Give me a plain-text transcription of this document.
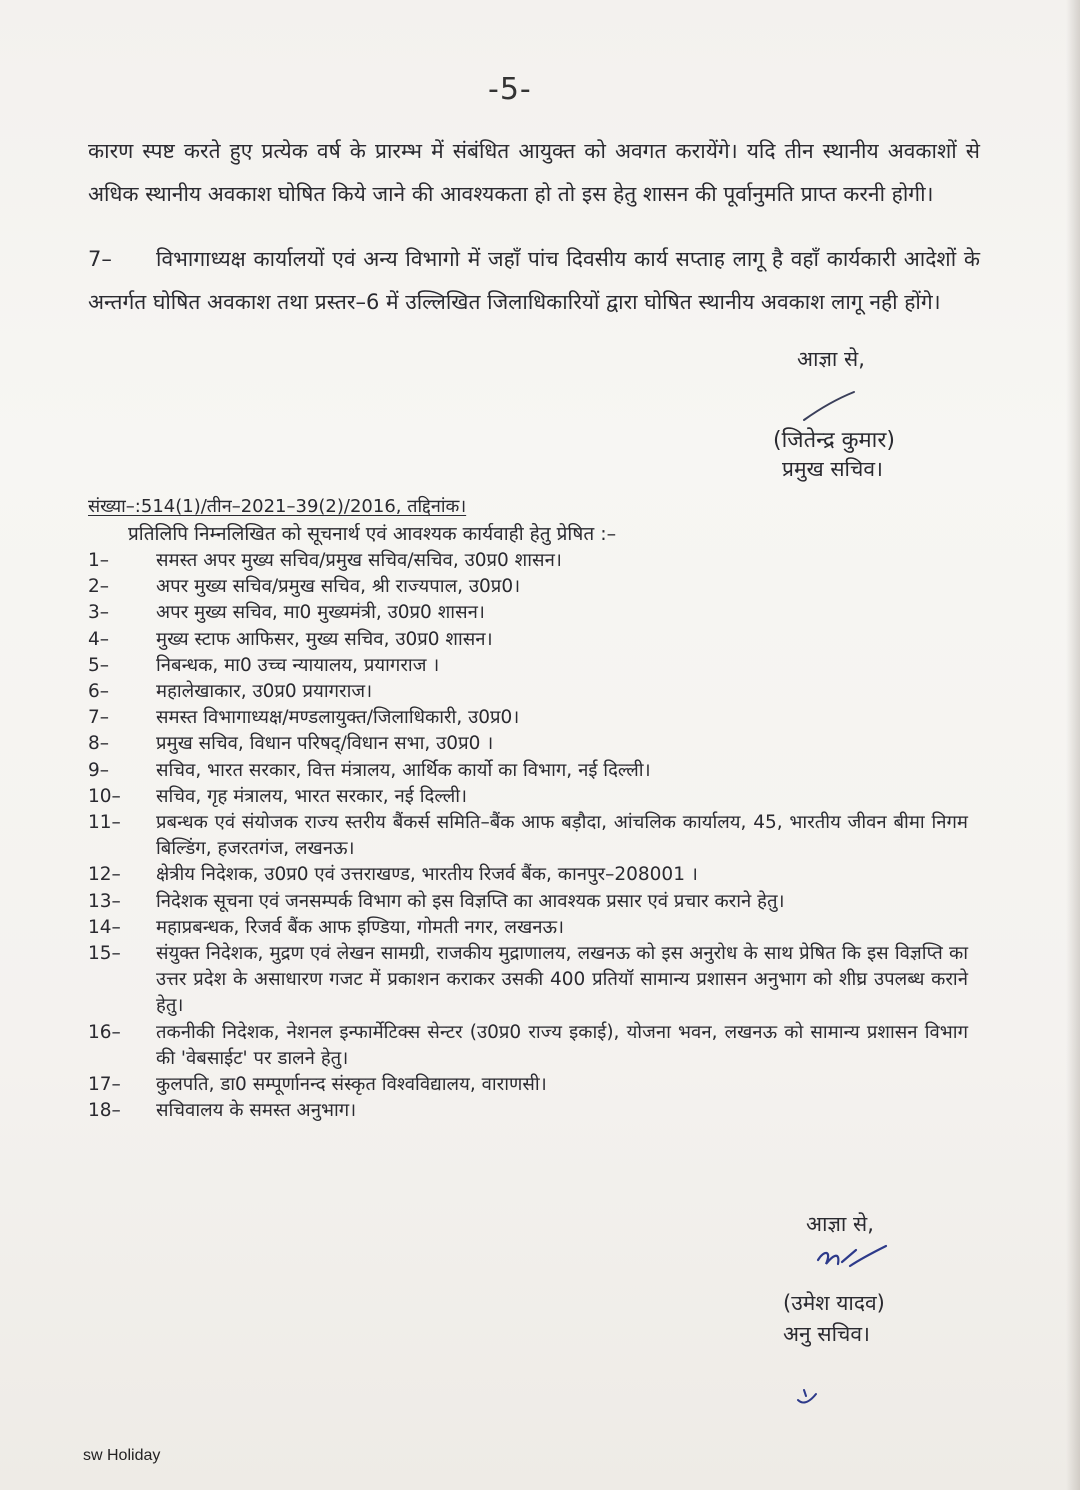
-5-
कारण स्पष्ट करते हुए प्रत्येक वर्ष के प्रारम्भ में संबंधित आयुक्त को अवगत करायेंगे। यदि तीन स्थानीय अवकाशों से अधिक स्थानीय अवकाश घोषित किये जाने की आवश्यकता हो तो इस हेतु शासन की पूर्वानुमति प्राप्त करनी होगी।
7– विभागाध्यक्ष कार्यालयों एवं अन्य विभागो में जहाँ पांच दिवसीय कार्य सप्ताह लागू है वहाँ कार्यकारी आदेशों के अन्तर्गत घोषित अवकाश तथा प्रस्तर–6 में उल्लिखित जिलाधिकारियों द्वारा घोषित स्थानीय अवकाश लागू नही होंगे।
आज्ञा से,
(जितेन्द्र कुमार)
प्रमुख सचिव।
संख्या–:514(1)/तीन–2021–39(2)/2016, तद्दिनांक।
प्रतिलिपि निम्नलिखित को सूचनार्थ एवं आवश्यक कार्यवाही हेतु प्रेषित :–
1–	समस्त अपर मुख्य सचिव/प्रमुख सचिव/सचिव, उ0प्र0 शासन।
2–	अपर मुख्य सचिव/प्रमुख सचिव, श्री राज्यपाल, उ0प्र0।
3–	अपर मुख्य सचिव, मा0 मुख्यमंत्री, उ0प्र0 शासन।
4–	मुख्य स्टाफ आफिसर, मुख्य सचिव, उ0प्र0 शासन।
5–	निबन्धक, मा0 उच्च न्यायालय, प्रयागराज ।
6–	महालेखाकार, उ0प्र0 प्रयागराज।
7–	समस्त विभागाध्यक्ष/मण्डलायुक्त/जिलाधिकारी, उ0प्र0।
8–	प्रमुख सचिव, विधान परिषद्/विधान सभा, उ0प्र0 ।
9–	सचिव, भारत सरकार, वित्त मंत्रालय, आर्थिक कार्यो का विभाग, नई दिल्ली।
10–	सचिव, गृह मंत्रालय, भारत सरकार, नई दिल्ली।
11–	प्रबन्धक एवं संयोजक राज्य स्तरीय बैंकर्स समिति–बैंक आफ बड़ौदा, आंचलिक कार्यालय, 45, भारतीय जीवन बीमा निगम बिल्डिंग, हजरतगंज, लखनऊ।
12–	क्षेत्रीय निदेशक, उ0प्र0 एवं उत्तराखण्ड, भारतीय रिजर्व बैंक, कानपुर–208001 ।
13–	निदेशक सूचना एवं जनसम्पर्क विभाग को इस विज्ञप्ति का आवश्यक प्रसार एवं प्रचार कराने हेतु।
14–	महाप्रबन्धक, रिजर्व बैंक आफ इण्डिया, गोमती नगर, लखनऊ।
15–	संयुक्त निदेशक, मुद्रण एवं लेखन सामग्री, राजकीय मुद्राणालय, लखनऊ को इस अनुरोध के साथ प्रेषित कि इस विज्ञप्ति का उत्तर प्रदेश के असाधारण गजट में प्रकाशन कराकर उसकी 400 प्रतियॉ सामान्य प्रशासन अनुभाग को शीघ्र उपलब्ध कराने हेतु।
16–	तकनीकी निदेशक, नेशनल इन्फार्मेटिक्स सेन्टर (उ0प्र0 राज्य इकाई), योजना भवन, लखनऊ को सामान्य प्रशासन विभाग की 'वेबसाईट' पर डालने हेतु।
17–	कुलपति, डा0 सम्पूर्णानन्द संस्कृत विश्वविद्यालय, वाराणसी।
18–	सचिवालय के समस्त अनुभाग।
आज्ञा से,
(उमेश यादव)
अनु सचिव।
sw Holiday
